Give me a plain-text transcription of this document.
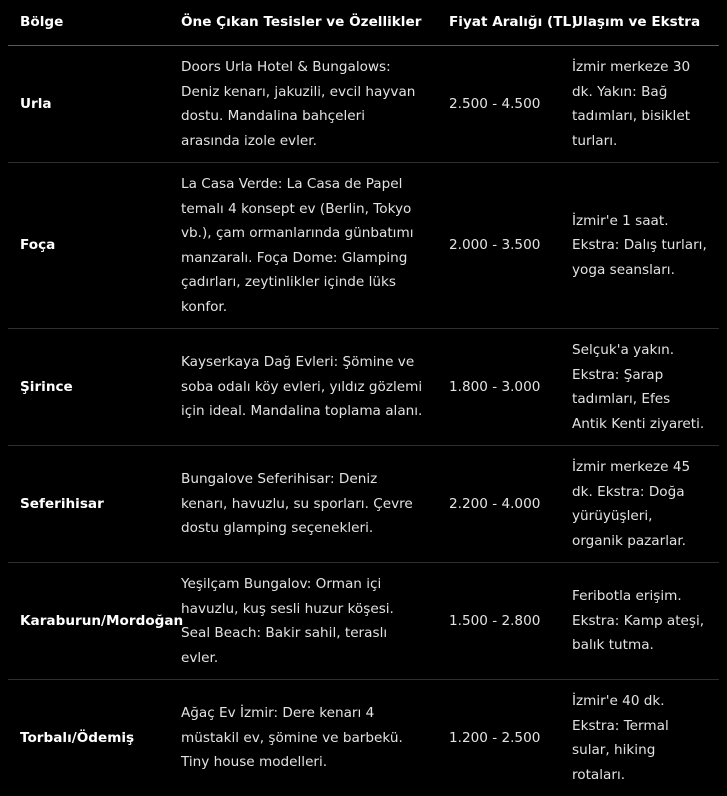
Bölge	Öne Çıkan Tesisler ve Özellikler	Fiyat Aralığı (TL)	Ulaşım ve Ekstra
Urla	Doors Urla Hotel & Bungalows: Deniz kenarı, jakuzili, evcil hayvan dostu. Mandalina bahçeleri arasında izole evler.	2.500 - 4.500	İzmir merkeze 30 dk. Yakın: Bağ tadımları, bisiklet turları.
Foça	La Casa Verde: La Casa de Papel temalı 4 konsept ev (Berlin, Tokyo vb.), çam ormanlarında günbatımı manzaralı. Foça Dome: Glamping çadırları, zeytinlikler içinde lüks konfor.	2.000 - 3.500	İzmir'e 1 saat. Ekstra: Dalış turları, yoga seansları.
Şirince	Kayserkaya Dağ Evleri: Şömine ve soba odalı köy evleri, yıldız gözlemi için ideal. Mandalina toplama alanı.	1.800 - 3.000	Selçuk'a yakın. Ekstra: Şarap tadımları, Efes Antik Kenti ziyareti.
Seferihisar	Bungalove Seferihisar: Deniz kenarı, havuzlu, su sporları. Çevre dostu glamping seçenekleri.	2.200 - 4.000	İzmir merkeze 45 dk. Ekstra: Doğa yürüyüşleri, organik pazarlar.
Karaburun/Mordoğan	Yeşilçam Bungalov: Orman içi havuzlu, kuş sesli huzur köşesi. Seal Beach: Bakir sahil, teraslı evler.	1.500 - 2.800	Feribotla erişim. Ekstra: Kamp ateşi, balık tutma.
Torbalı/Ödemiş	Ağaç Ev İzmir: Dere kenarı 4 müstakil ev, şömine ve barbekü. Tiny house modelleri.	1.200 - 2.500	İzmir'e 40 dk. Ekstra: Termal sular, hiking rotaları.
